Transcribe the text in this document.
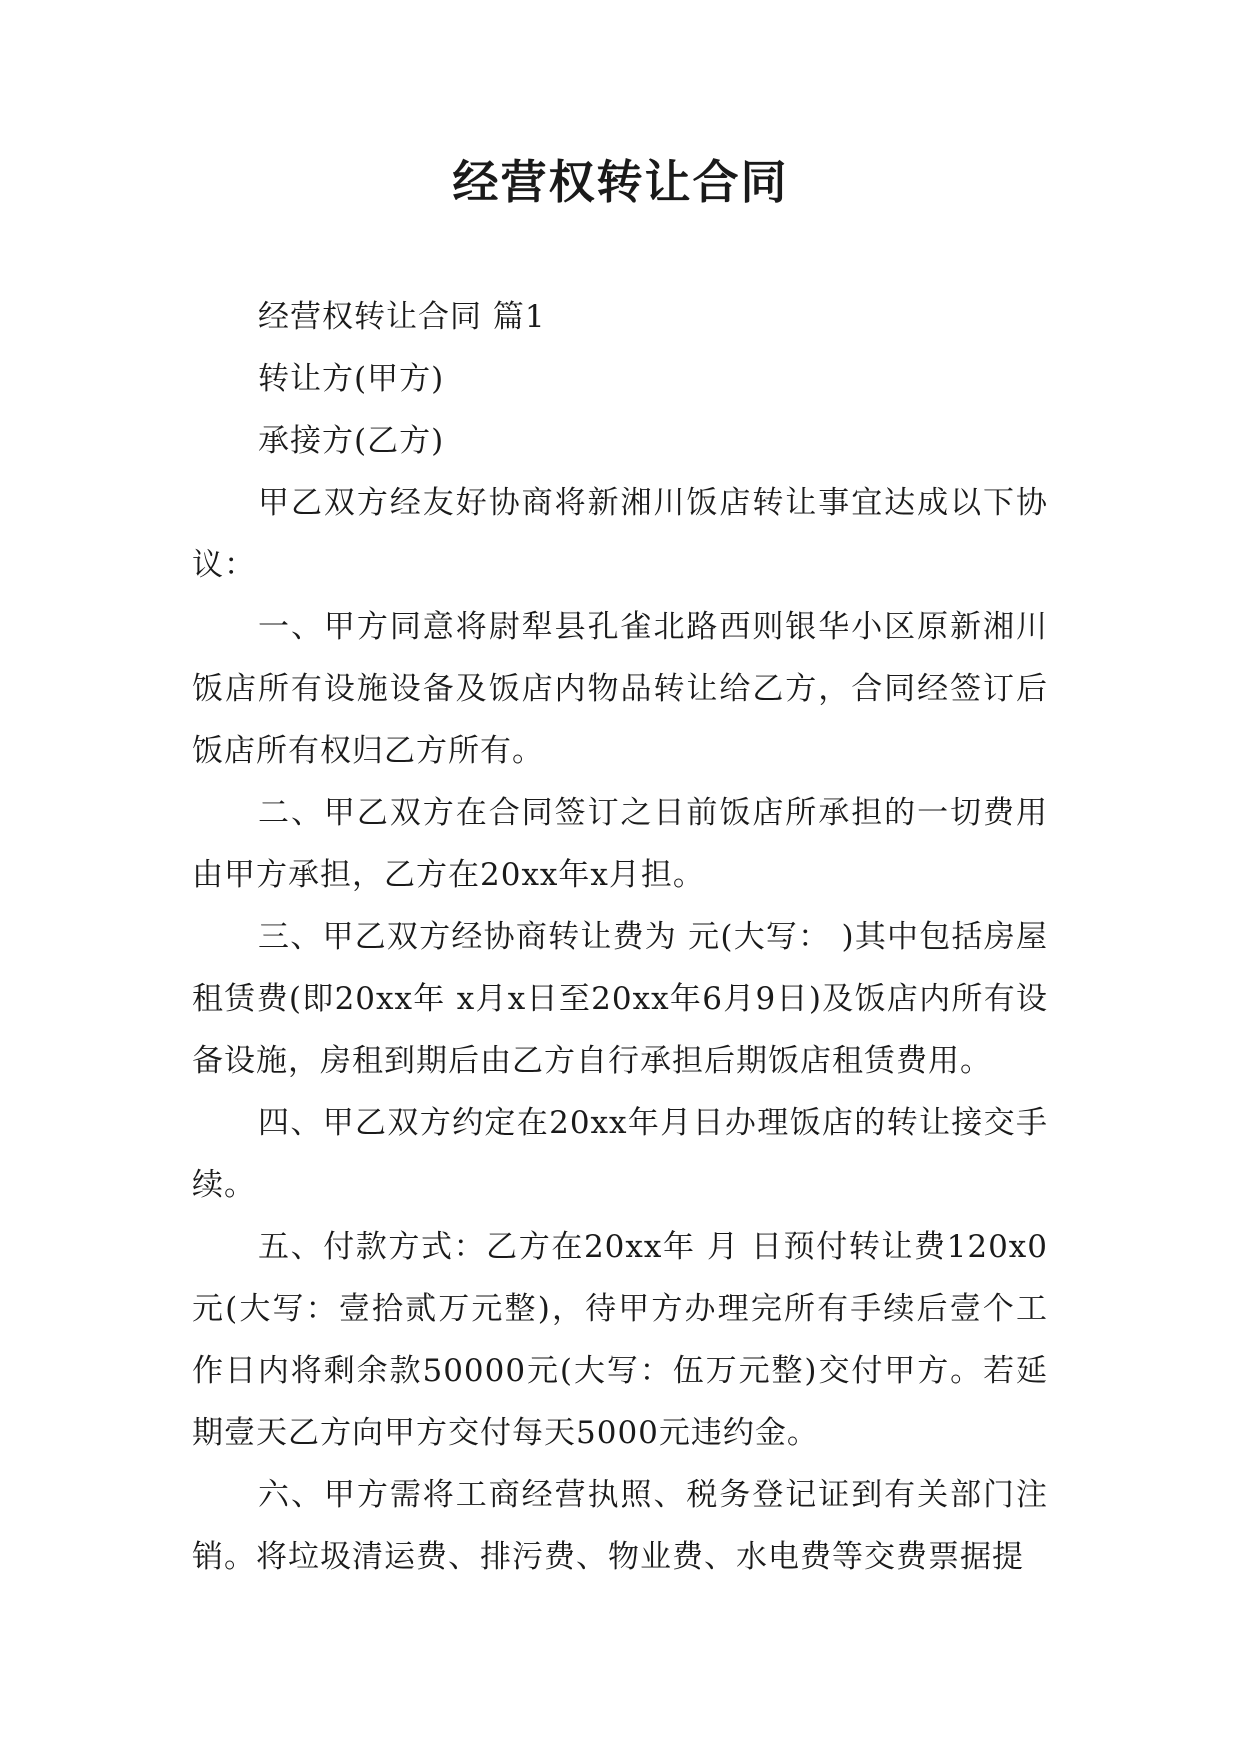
经营权转让合同

经营权转让合同 篇1

转让方(甲方)

承接方(乙方)

甲乙双方经友好协商将新湘川饭店转让事宜达成以下协议：

一、甲方同意将尉犁县孔雀北路西则银华小区原新湘川饭店所有设施设备及饭店内物品转让给乙方，合同经签订后饭店所有权归乙方所有。

二、甲乙双方在合同签订之日前饭店所承担的一切费用由甲方承担，乙方在20xx年x月担。

三、甲乙双方经协商转让费为 元(大写： )其中包括房屋租赁费(即20xx年 x月x日至20xx年6月9日)及饭店内所有设备设施，房租到期后由乙方自行承担后期饭店租赁费用。

四、甲乙双方约定在20xx年月日办理饭店的转让接交手续。

五、付款方式：乙方在20xx年 月 日预付转让费120x0元(大写：壹拾贰万元整)，待甲方办理完所有手续后壹个工作日内将剩余款50000元(大写：伍万元整)交付甲方。若延期壹天乙方向甲方交付每天5000元违约金。

六、甲方需将工商经营执照、税务登记证到有关部门注销。将垃圾清运费、排污费、物业费、水电费等交费票据提
